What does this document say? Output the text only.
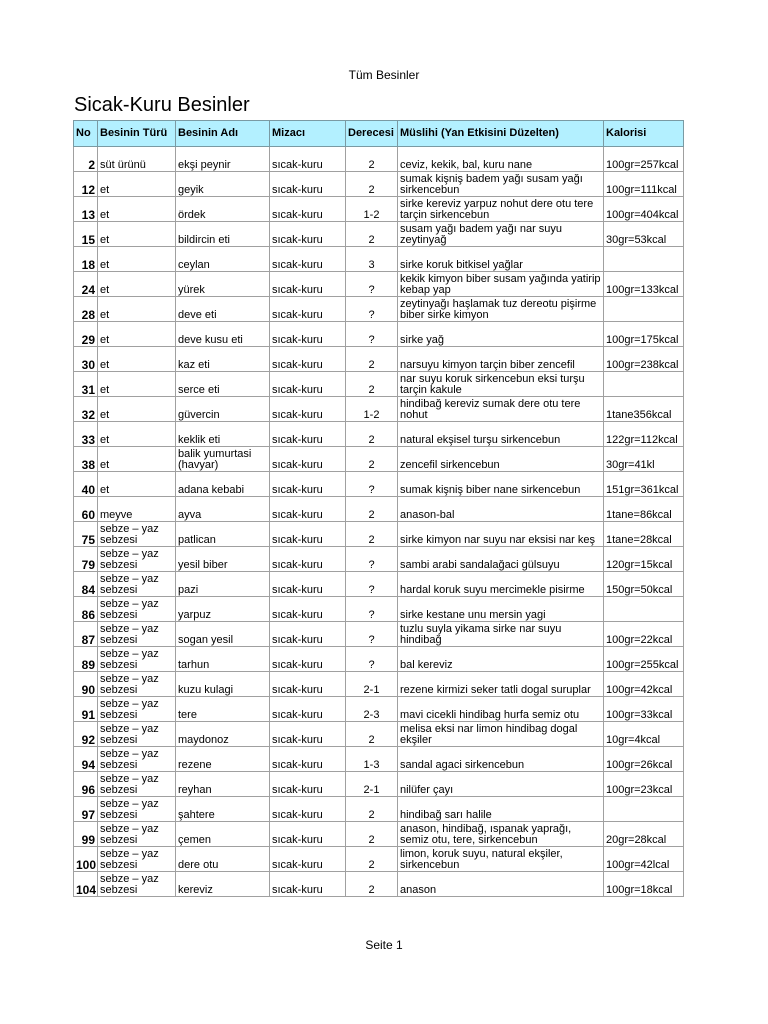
Tüm Besinler
Sicak-Kuru Besinler
No	Besinin Türü	Besinin Adı	Mizacı	Derecesi	Müslihi (Yan Etkisini Düzelten)	Kalorisi
2	süt ürünü	ekşi peynir	sıcak-kuru	2	ceviz, kekik, bal, kuru nane	100gr=257kcal
12	et	geyik	sıcak-kuru	2	sumak kişniş badem yağı susam yağı sirkencebun	100gr=111kcal
13	et	ördek	sıcak-kuru	1-2	sirke kereviz yarpuz nohut dere otu tere tarçin sirkencebun	100gr=404kcal
15	et	bildircin eti	sıcak-kuru	2	susam yağı badem yağı nar suyu zeytinyağ	30gr=53kcal
18	et	ceylan	sıcak-kuru	3	sirke koruk bitkisel yağlar	
24	et	yürek	sıcak-kuru	?	kekik kimyon biber susam yağında yatirip kebap yap	100gr=133kcal
28	et	deve eti	sıcak-kuru	?	zeytinyağı haşlamak tuz dereotu pişirme biber sirke kimyon	
29	et	deve kusu eti	sıcak-kuru	?	sirke yağ	100gr=175kcal
30	et	kaz eti	sıcak-kuru	2	narsuyu kimyon tarçin biber zencefil	100gr=238kcal
31	et	serce eti	sıcak-kuru	2	nar suyu koruk sirkencebun eksi turşu tarçin kakule	
32	et	güvercin	sıcak-kuru	1-2	hindibağ kereviz sumak dere otu tere nohut	1tane356kcal
33	et	keklik eti	sıcak-kuru	2	natural ekşisel turşu sirkencebun	122gr=112kcal
38	et	balik yumurtasi (havyar)	sıcak-kuru	2	zencefil sirkencebun	30gr=41kl
40	et	adana kebabi	sıcak-kuru	?	sumak kişniş biber nane sirkencebun	151gr=361kcal
60	meyve	ayva	sıcak-kuru	2	anason-bal	1tane=86kcal
75	sebze – yaz sebzesi	patlican	sıcak-kuru	2	sirke kimyon nar suyu nar eksisi nar keş	1tane=28kcal
79	sebze – yaz sebzesi	yesil biber	sıcak-kuru	?	sambi arabi sandalağaci gülsuyu	120gr=15kcal
84	sebze – yaz sebzesi	pazi	sıcak-kuru	?	hardal koruk suyu mercimekle pisirme	150gr=50kcal
86	sebze – yaz sebzesi	yarpuz	sıcak-kuru	?	sirke kestane unu mersin yagi	
87	sebze – yaz sebzesi	sogan yesil	sıcak-kuru	?	tuzlu suyla yikama sirke nar suyu hindibağ	100gr=22kcal
89	sebze – yaz sebzesi	tarhun	sıcak-kuru	?	bal kereviz	100gr=255kcal
90	sebze – yaz sebzesi	kuzu kulagi	sıcak-kuru	2-1	rezene kirmizi seker tatli dogal suruplar	100gr=42kcal
91	sebze – yaz sebzesi	tere	sıcak-kuru	2-3	mavi cicekli hindibag hurfa semiz otu	100gr=33kcal
92	sebze – yaz sebzesi	maydonoz	sıcak-kuru	2	melisa eksi nar limon hindibag dogal ekşiler	10gr=4kcal
94	sebze – yaz sebzesi	rezene	sıcak-kuru	1-3	sandal agaci sirkencebun	100gr=26kcal
96	sebze – yaz sebzesi	reyhan	sıcak-kuru	2-1	nilüfer çayı	100gr=23kcal
97	sebze – yaz sebzesi	şahtere	sıcak-kuru	2	hindibağ sarı halile	
99	sebze – yaz sebzesi	çemen	sıcak-kuru	2	anason, hindibağ, ıspanak yaprağı, semiz otu, tere, sirkencebun	20gr=28kcal
100	sebze – yaz sebzesi	dere otu	sıcak-kuru	2	limon, koruk suyu, natural ekşiler, sirkencebun	100gr=42lcal
104	sebze – yaz sebzesi	kereviz	sıcak-kuru	2	anason	100gr=18kcal
Seite 1
